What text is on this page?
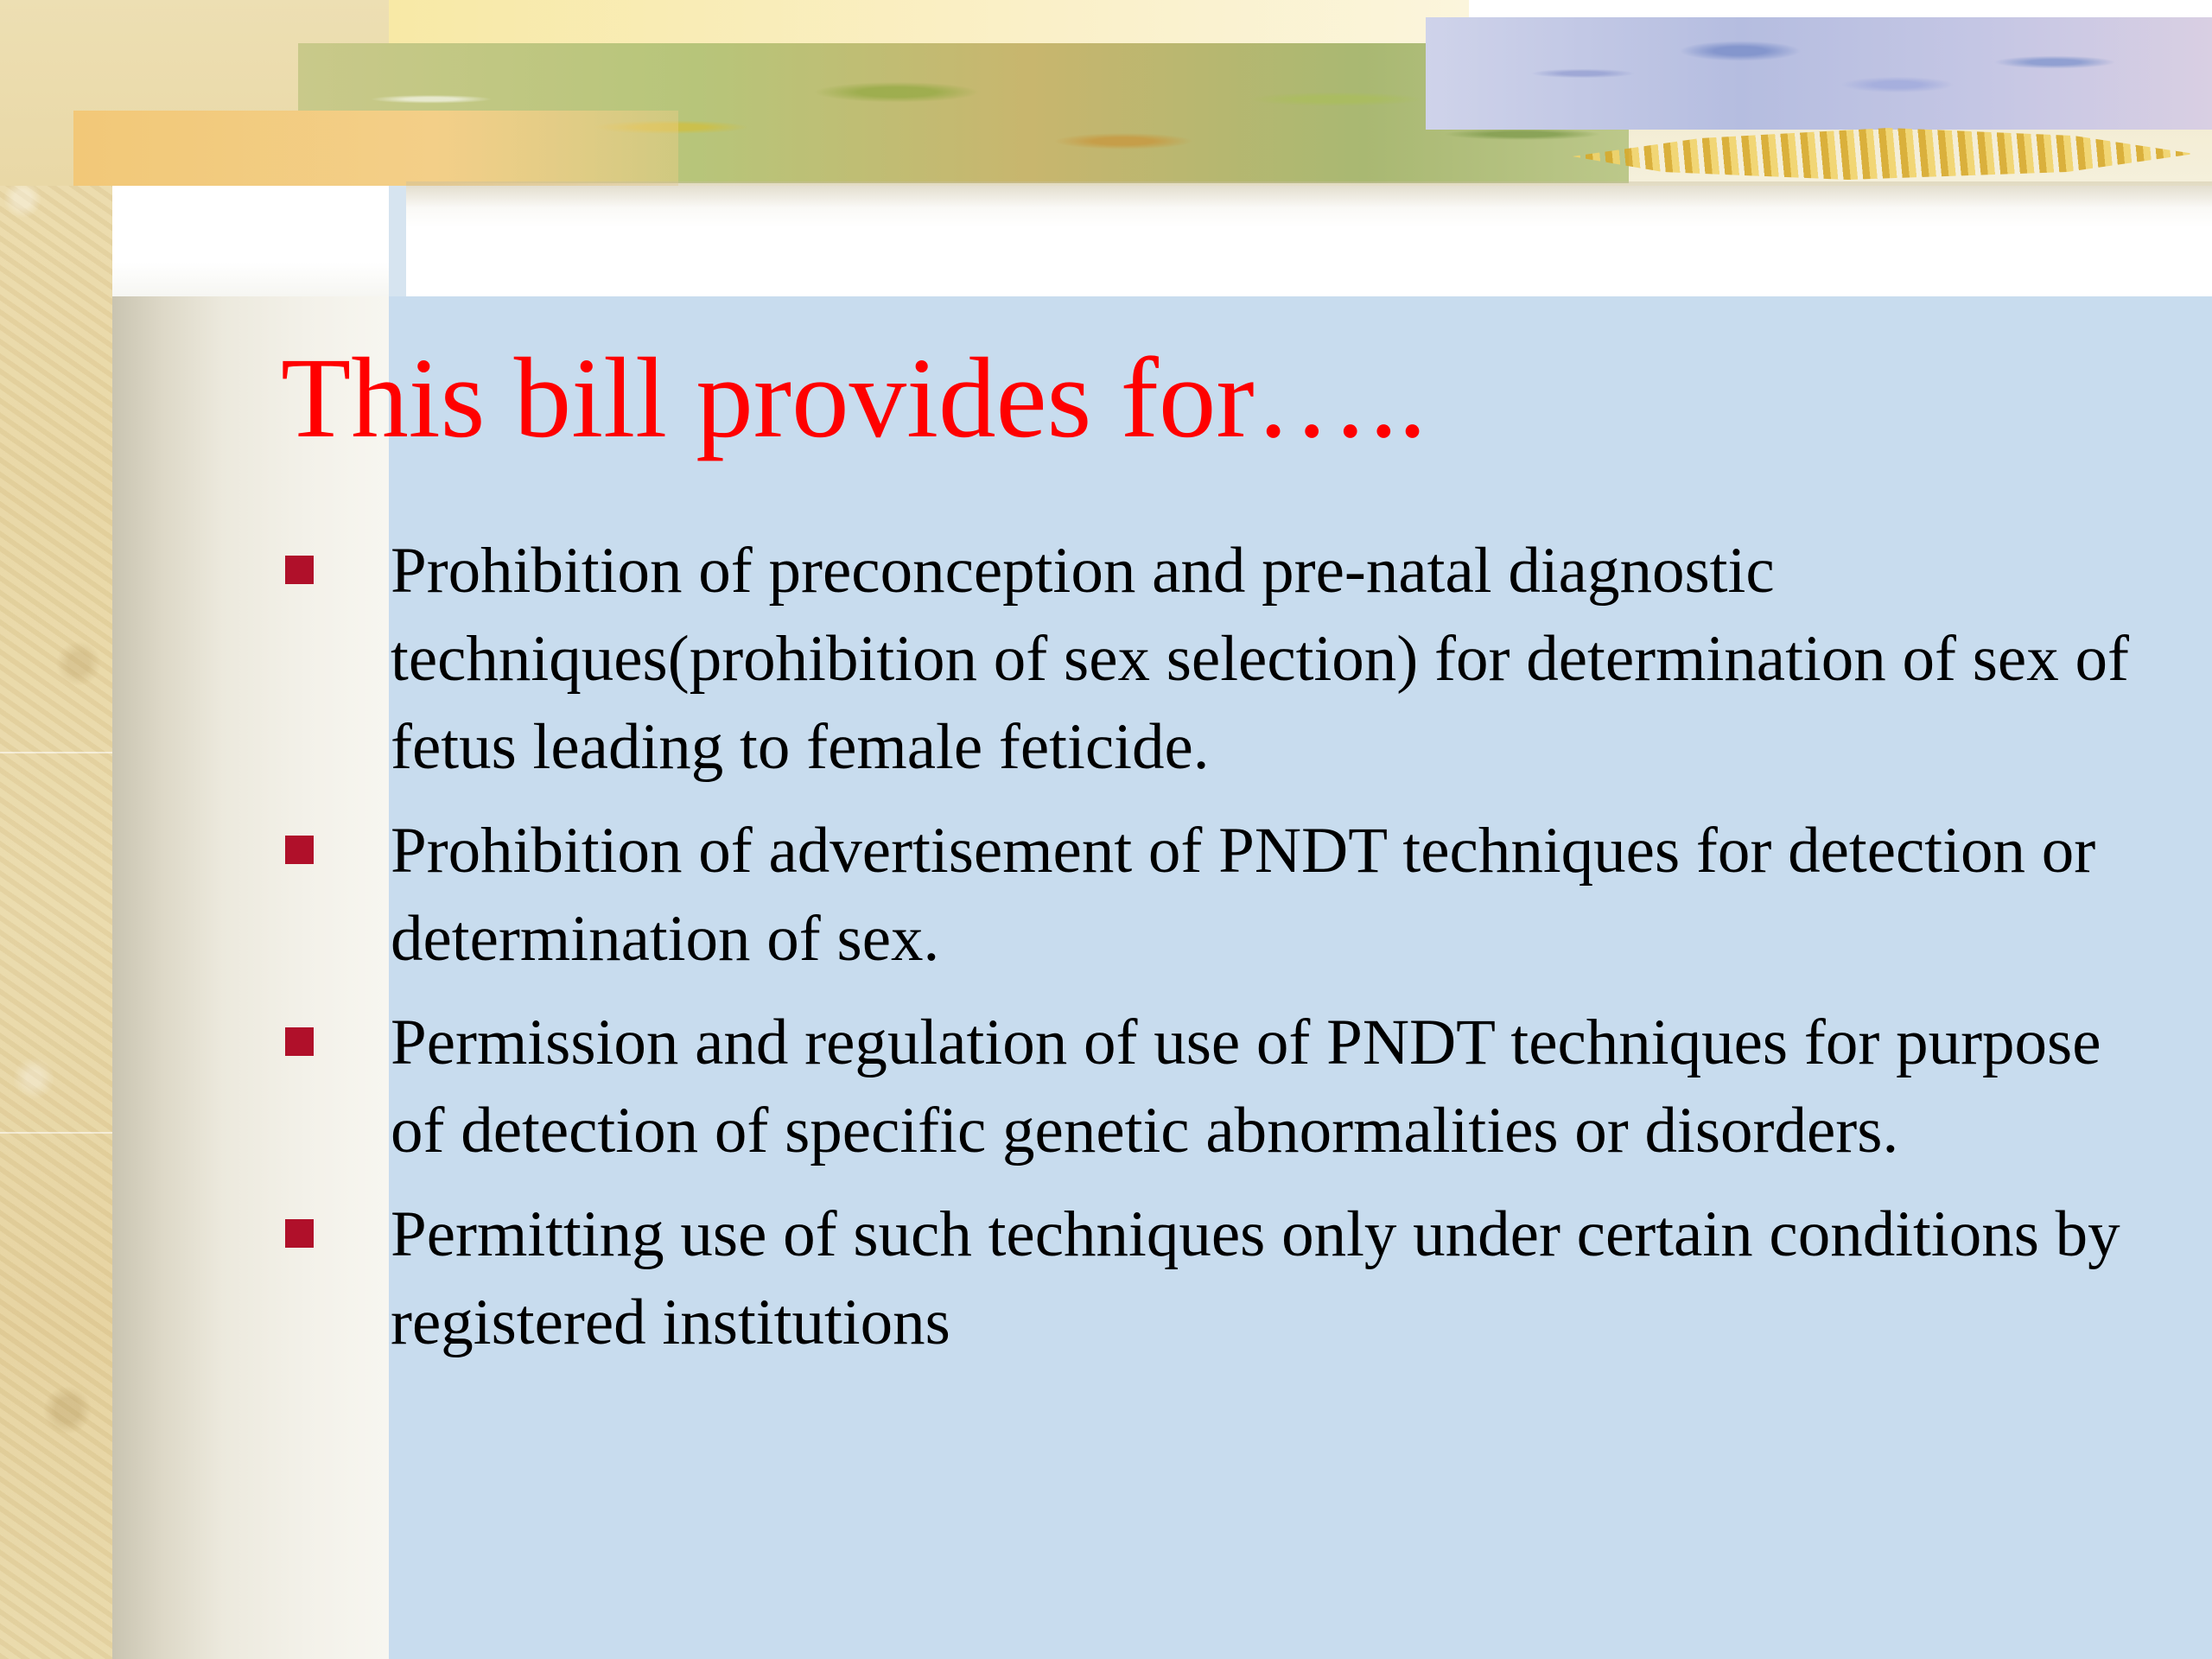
This bill provides for…..
Prohibition of preconception and pre-natal diagnostic techniques(prohibition of sex selection) for determination of sex of fetus leading to female feticide.
Prohibition of advertisement of PNDT techniques for detection or determination of sex.
Permission and regulation of use of PNDT techniques for purpose of detection of specific genetic abnormalities or disorders.
Permitting use of such techniques only under certain conditions by registered institutions
